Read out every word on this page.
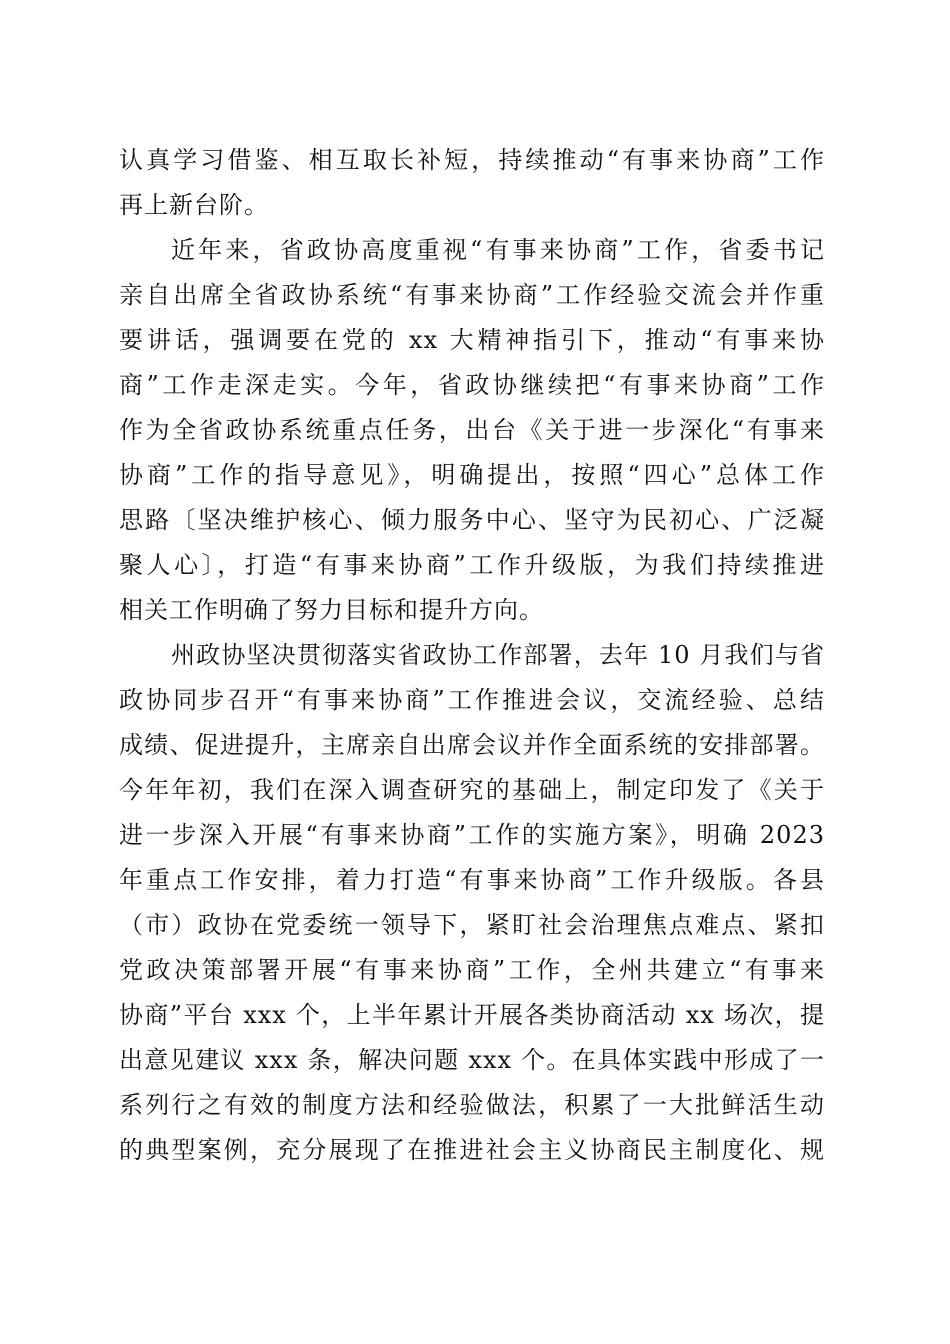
认真学习借鉴、相互取长补短，持续推动“有事来协商”工作
再上新台阶。
近年来，省政协高度重视“有事来协商”工作，省委书记
亲自出席全省政协系统“有事来协商”工作经验交流会并作重
要讲话，强调要在党的 xx 大精神指引下，推动“有事来协
商”工作走深走实。今年，省政协继续把“有事来协商”工作
作为全省政协系统重点任务，出台《关于进一步深化“有事来
协商”工作的指导意见》，明确提出，按照“四心”总体工作
思路〔坚决维护核心、倾力服务中心、坚守为民初心、广泛凝
聚人心〕，打造“有事来协商”工作升级版，为我们持续推进
相关工作明确了努力目标和提升方向。
州政协坚决贯彻落实省政协工作部署，去年 10 月我们与省
政协同步召开“有事来协商”工作推进会议，交流经验、总结
成绩、促进提升，主席亲自出席会议并作全面系统的安排部署。
今年年初，我们在深入调查研究的基础上，制定印发了《关于
进一步深入开展“有事来协商”工作的实施方案》，明确 2023
年重点工作安排，着力打造“有事来协商”工作升级版。各县
（市）政协在党委统一领导下，紧盯社会治理焦点难点、紧扣
党政决策部署开展“有事来协商”工作，全州共建立“有事来
协商”平台 xxx 个，上半年累计开展各类协商活动 xx 场次，提
出意见建议 xxx 条，解决问题 xxx 个。在具体实践中形成了一
系列行之有效的制度方法和经验做法，积累了一大批鲜活生动
的典型案例，充分展现了在推进社会主义协商民主制度化、规
